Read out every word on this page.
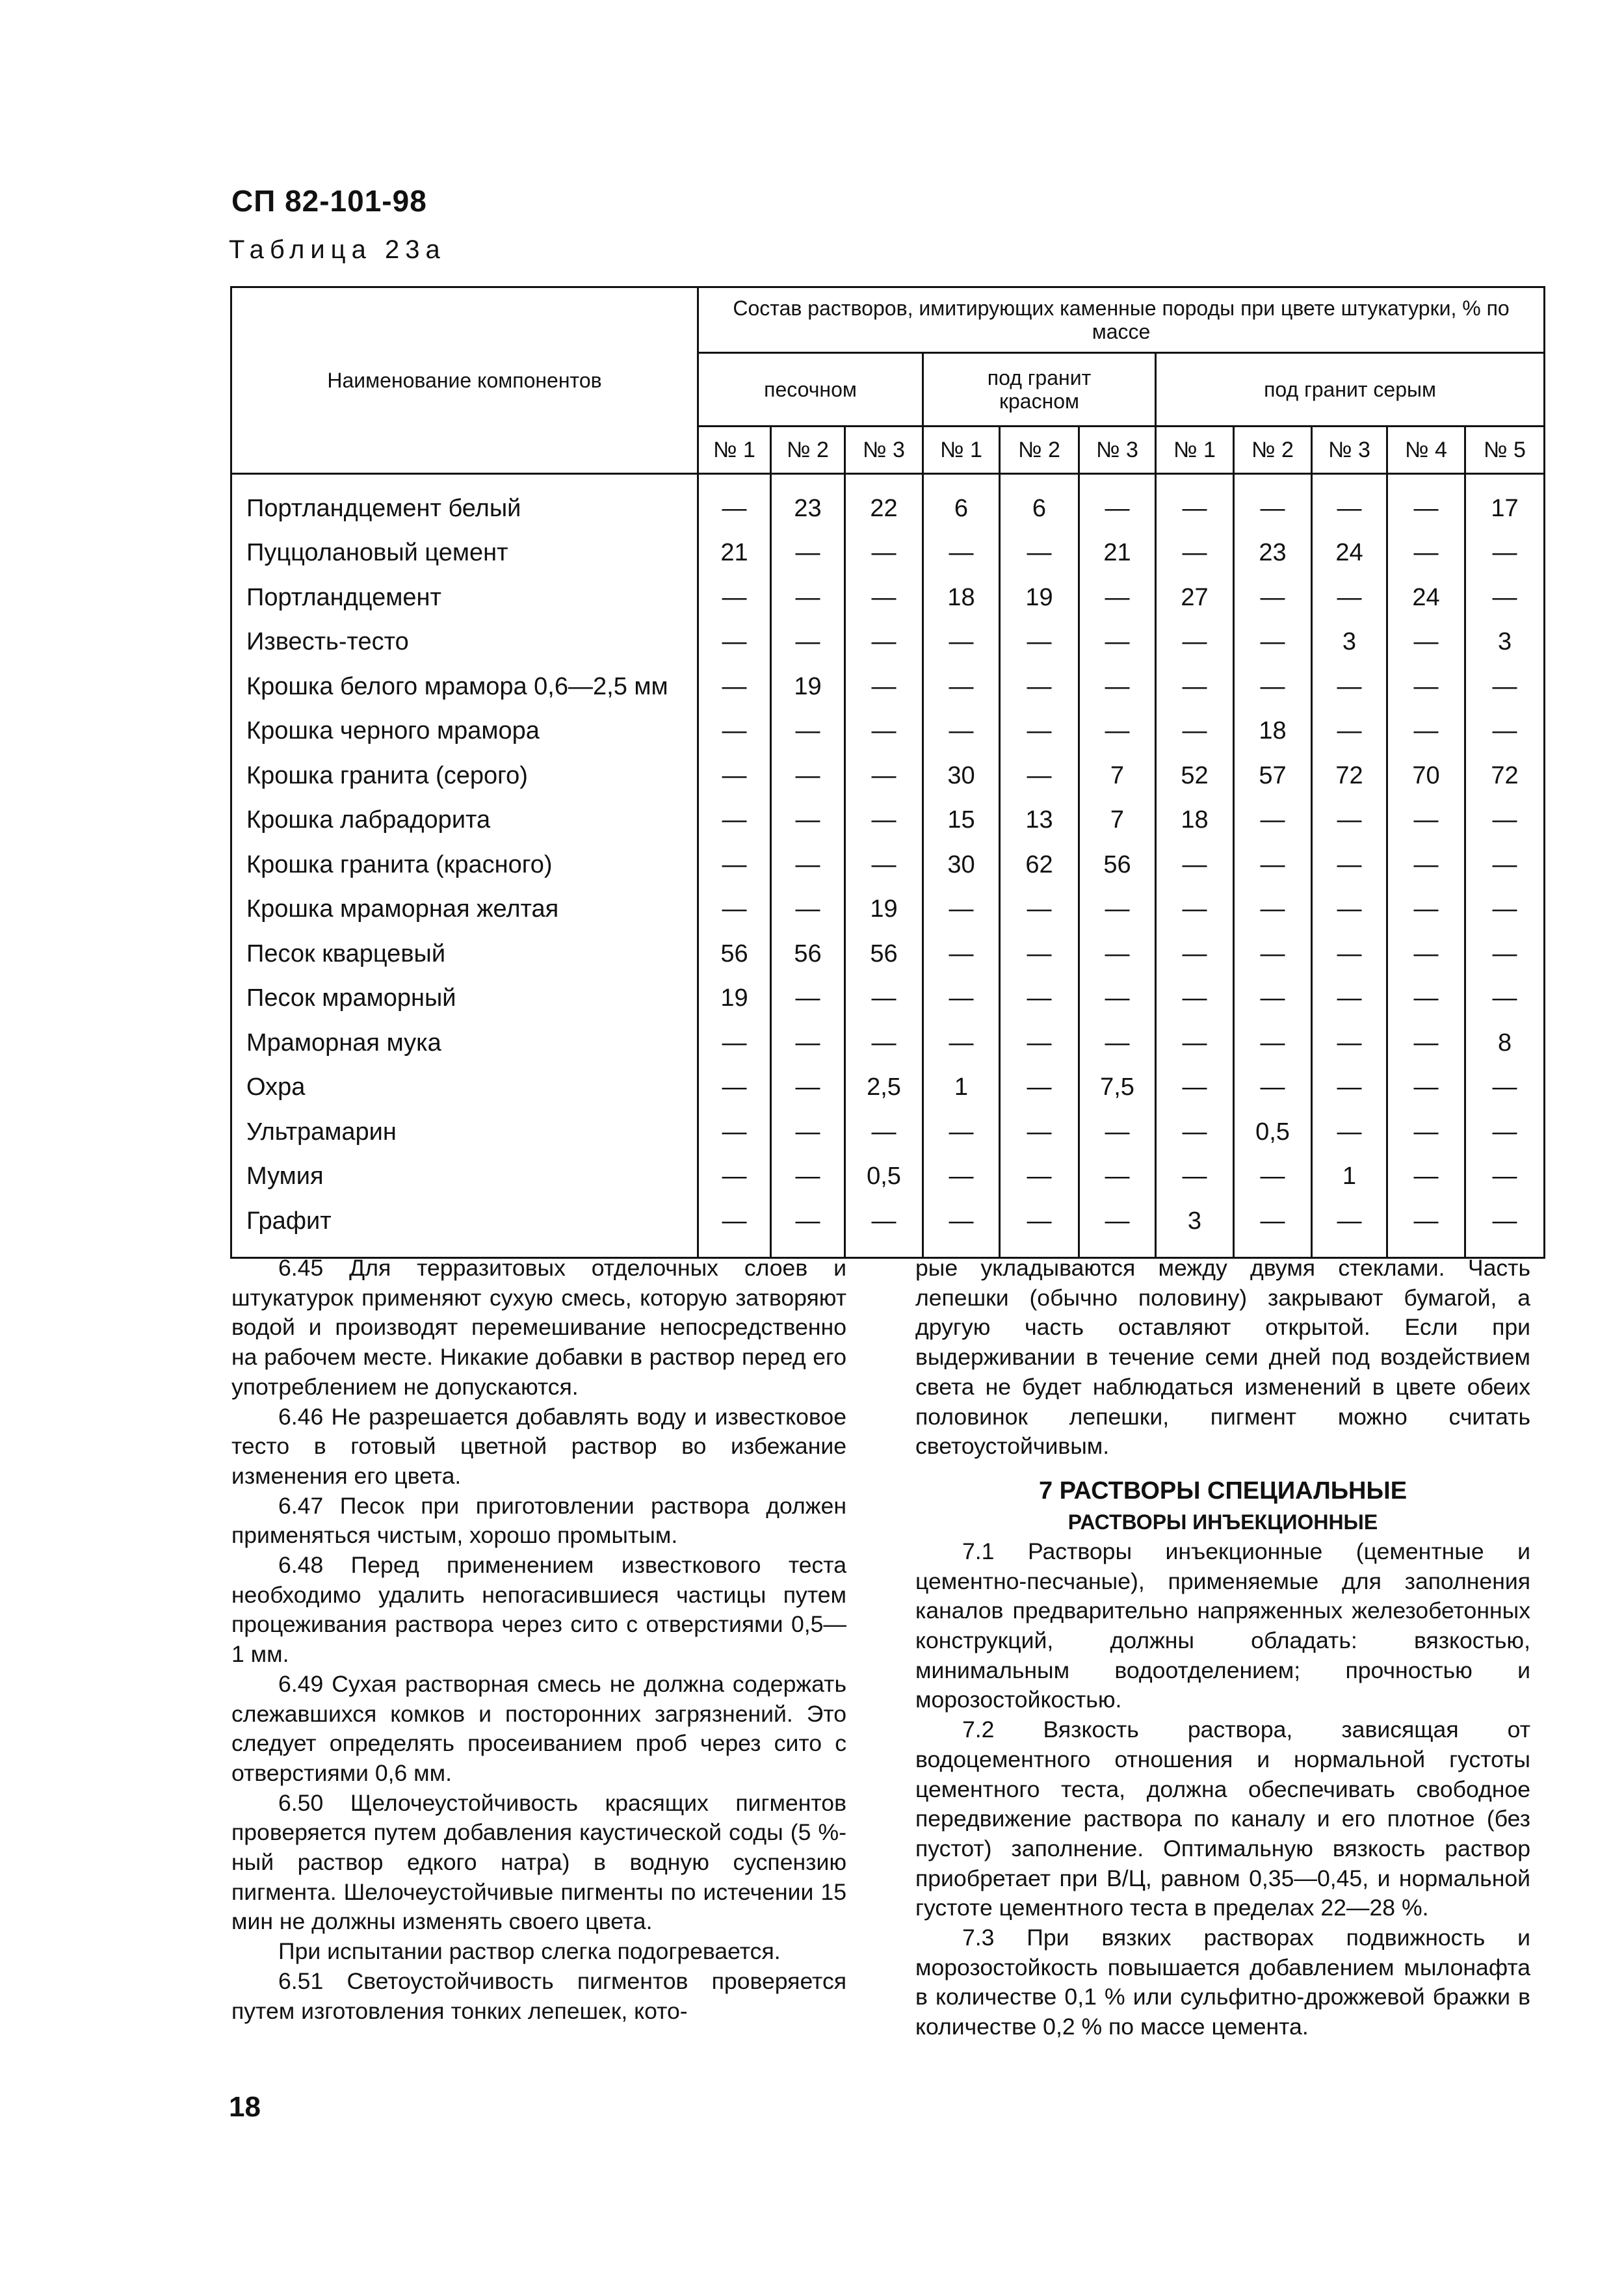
СП 82-101-98
Таблица 23а
Наименование компонентов	Состав растворов, имитирующих каменные породы при цвете штукатурки, % по массе										
	песочном			под гранит красном			под гранит серым				
	№ 1	№ 2	№ 3	№ 1	№ 2	№ 3	№ 1	№ 2	№ 3	№ 4	№ 5
Портландцемент белый	—	23	22	6	6	—	—	—	—	—	17
Пуццолановый цемент	21	—	—	—	—	21	—	23	24	—	—
Портландцемент	—	—	—	18	19	—	27	—	—	24	—
Известь-тесто	—	—	—	—	—	—	—	—	3	—	3
Крошка белого мрамора 0,6—2,5 мм	—	19	—	—	—	—	—	—	—	—	—
Крошка черного мрамора	—	—	—	—	—	—	—	18	—	—	—
Крошка гранита (серого)	—	—	—	30	—	7	52	57	72	70	72
Крошка лабрадорита	—	—	—	15	13	7	18	—	—	—	—
Крошка гранита (красного)	—	—	—	30	62	56	—	—	—	—	—
Крошка мраморная желтая	—	—	19	—	—	—	—	—	—	—	—
Песок кварцевый	56	56	56	—	—	—	—	—	—	—	—
Песок мраморный	19	—	—	—	—	—	—	—	—	—	—
Мраморная мука	—	—	—	—	—	—	—	—	—	—	8
Охра	—	—	2,5	1	—	7,5	—	—	—	—	—
Ультрамарин	—	—	—	—	—	—	—	0,5	—	—	—
Мумия	—	—	0,5	—	—	—	—	—	1	—	—
Графит	—	—	—	—	—	—	3	—	—	—	—

6.45 Для терразитовых отделочных слоев и штукатурок применяют сухую смесь, которую затворяют водой и производят перемешивание непосредственно на рабочем месте. Никакие добавки в раствор перед его употреблением не допускаются.

6.46 Не разрешается добавлять воду и известковое тесто в готовый цветной раствор во избежание изменения его цвета.

6.47 Песок при приготовлении раствора должен применяться чистым, хорошо промытым.

6.48 Перед применением известкового теста необходимо удалить непогасившиеся частицы путем процеживания раствора через сито с отверстиями 0,5—1 мм.

6.49 Сухая растворная смесь не должна содержать слежавшихся комков и посторонних загрязнений. Это следует определять просеиванием проб через сито с отверстиями 0,6 мм.

6.50 Щелочеустойчивость красящих пигментов проверяется путем добавления каустической соды (5 %-ный раствор едкого натра) в водную суспензию пигмента. Шелочеустойчивые пигменты по истечении 15 мин не должны изменять своего цвета.

При испытании раствор слегка подогревается.

6.51 Светоустойчивость пигментов проверяется путем изготовления тонких лепешек, кото-

рые укладываются между двумя стеклами. Часть лепешки (обычно половину) закрывают бумагой, а другую часть оставляют открытой. Если при выдерживании в течение семи дней под воздействием света не будет наблюдаться изменений в цвете обеих половинок лепешки, пигмент можно считать светоустойчивым.

7 РАСТВОРЫ СПЕЦИАЛЬНЫЕ
РАСТВОРЫ ИНЪЕКЦИОННЫЕ

7.1 Растворы инъекционные (цементные и цементно-песчаные), применяемые для заполнения каналов предварительно напряженных железобетонных конструкций, должны обладать: вязкостью, минимальным водоотделением; прочностью и морозостойкостью.

7.2 Вязкость раствора, зависящая от водоцементного отношения и нормальной густоты цементного теста, должна обеспечивать свободное передвижение раствора по каналу и его плотное (без пустот) заполнение. Оптимальную вязкость раствор приобретает при В/Ц, равном 0,35—0,45, и нормальной густоте цементного теста в пределах 22—28 %.

7.3 При вязких растворах подвижность и морозостойкость повышается добавлением мылонафта в количестве 0,1 % или сульфитно-дрожжевой бражки в количестве 0,2 % по массе цемента.

18
